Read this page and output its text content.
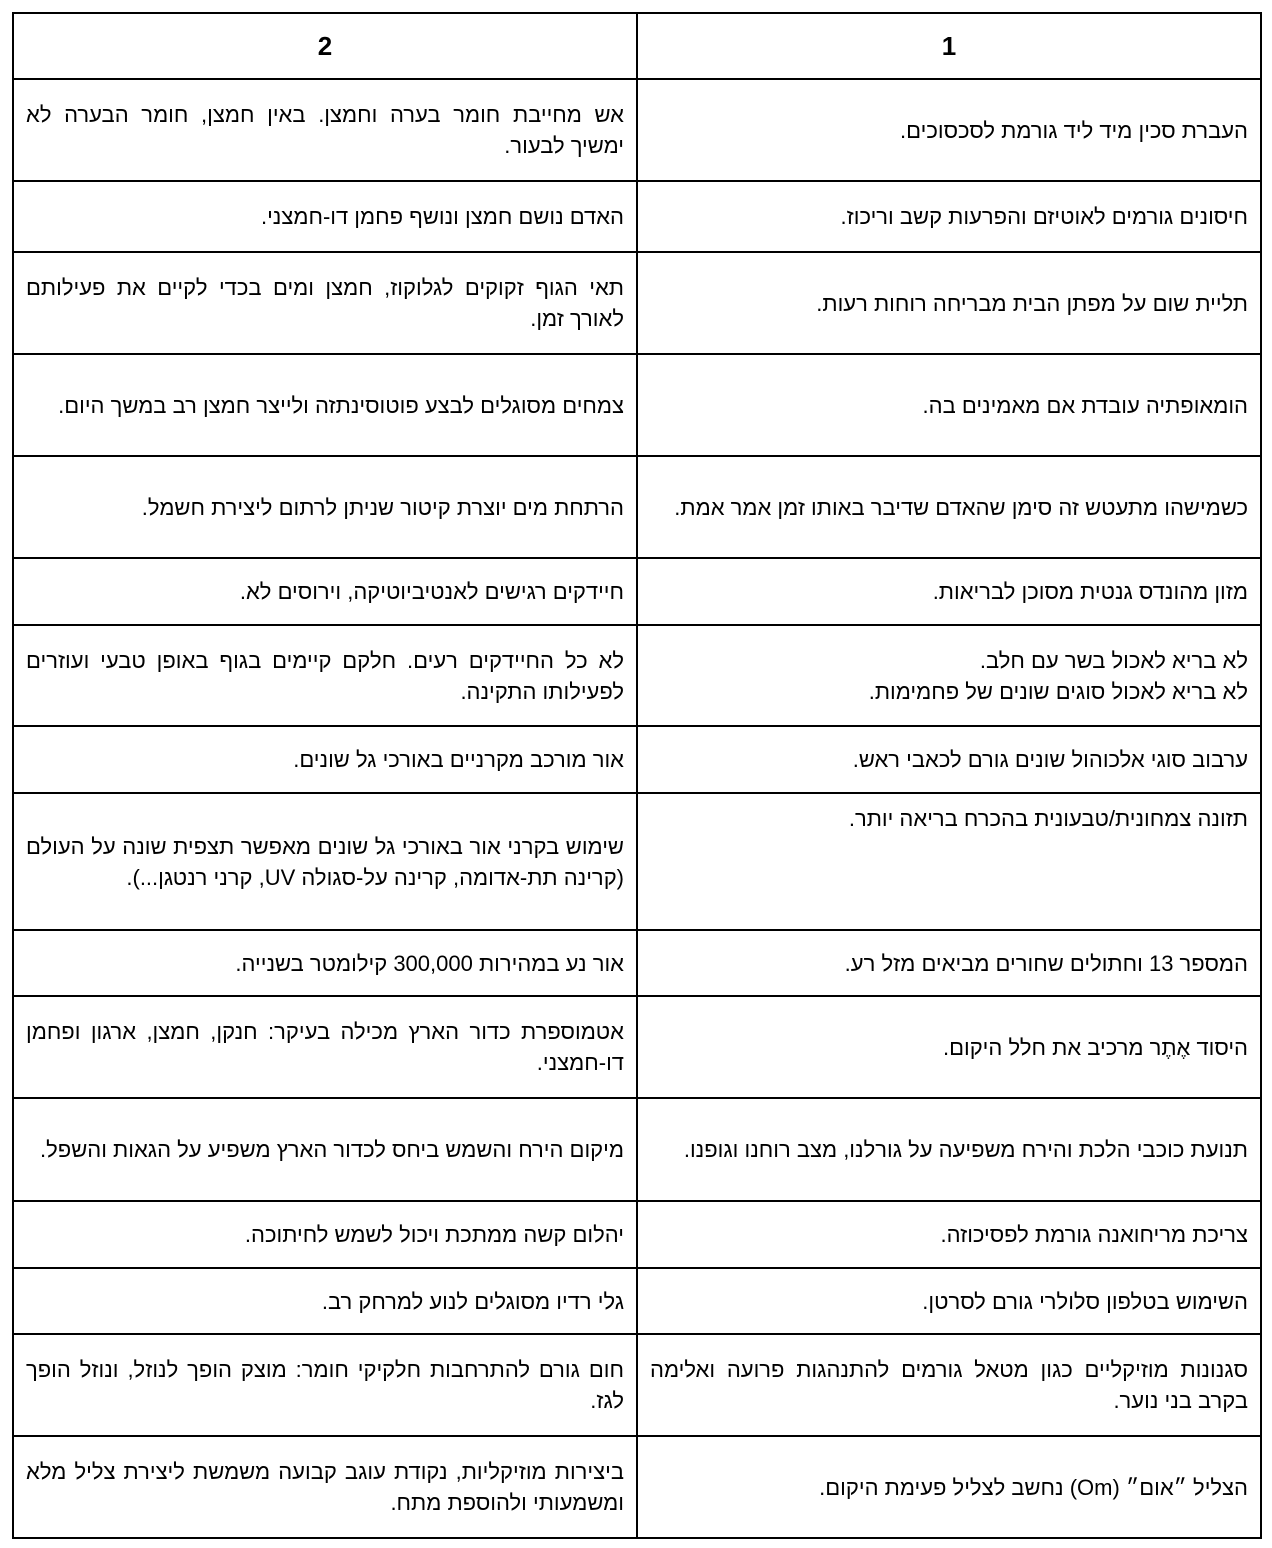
1	2
העברת סכין מיד ליד גורמת לסכסוכים.	אש מחייבת חומר בערה וחמצן. באין חמצן, חומר הבערה לא ימשיך לבעור.
חיסונים גורמים לאוטיזם והפרעות קשב וריכוז.	האדם נושם חמצן ונושף פחמן דו-חמצני.
תליית שום על מפתן הבית מבריחה רוחות רעות.	תאי הגוף זקוקים לגלוקוז, חמצן ומים בכדי לקיים את פעילותם לאורך זמן.
הומאופתיה עובדת אם מאמינים בה.	צמחים מסוגלים לבצע פוטוסינתזה ולייצר חמצן רב במשך היום.
כשמישהו מתעטש זה סימן שהאדם שדיבר באותו זמן אמר אמת.	הרתחת מים יוצרת קיטור שניתן לרתום ליצירת חשמל.
מזון מהונדס גנטית מסוכן לבריאות.	חיידקים רגישים לאנטיביוטיקה, וירוסים לא.
לא בריא לאכול בשר עם חלב.
לא בריא לאכול סוגים שונים של פחמימות.	לא כל החיידקים רעים. חלקם קיימים בגוף באופן טבעי ועוזרים לפעילותו התקינה.
ערבוב סוגי אלכוהול שונים גורם לכאבי ראש.	אור מורכב מקרניים באורכי גל שונים.
תזונה צמחונית/טבעונית בהכרח בריאה יותר.	שימוש בקרני אור באורכי גל שונים מאפשר תצפית שונה על העולם (קרינה תת-אדומה, קרינה על-סגולה UV, קרני רנטגן...).
המספר 13 וחתולים שחורים מביאים מזל רע.	אור נע במהירות 300,000 קילומטר בשנייה.
היסוד אֶתֶר מרכיב את חלל היקום.	אטמוספרת כדור הארץ מכילה בעיקר: חנקן, חמצן, ארגון ופחמן דו-חמצני.
תנועת כוכבי הלכת והירח משפיעה על גורלנו, מצב רוחנו וגופנו.	מיקום הירח והשמש ביחס לכדור הארץ משפיע על הגאות והשפל.
צריכת מריחואנה גורמת לפסיכוזה.	יהלום קשה ממתכת ויכול לשמש לחיתוכה.
השימוש בטלפון סלולרי גורם לסרטן.	גלי רדיו מסוגלים לנוע למרחק רב.
סגנונות מוזיקליים כגון מטאל גורמים להתנהגות פרועה ואלימה בקרב בני נוער.	חום גורם להתרחבות חלקיקי חומר: מוצק הופך לנוזל, ונוזל הופך לגז.
הצליל ״אום״ (Om) נחשב לצליל פעימת היקום.	ביצירות מוזיקליות, נקודת עוגב קבועה משמשת ליצירת צליל מלא ומשמעותי ולהוספת מתח.
